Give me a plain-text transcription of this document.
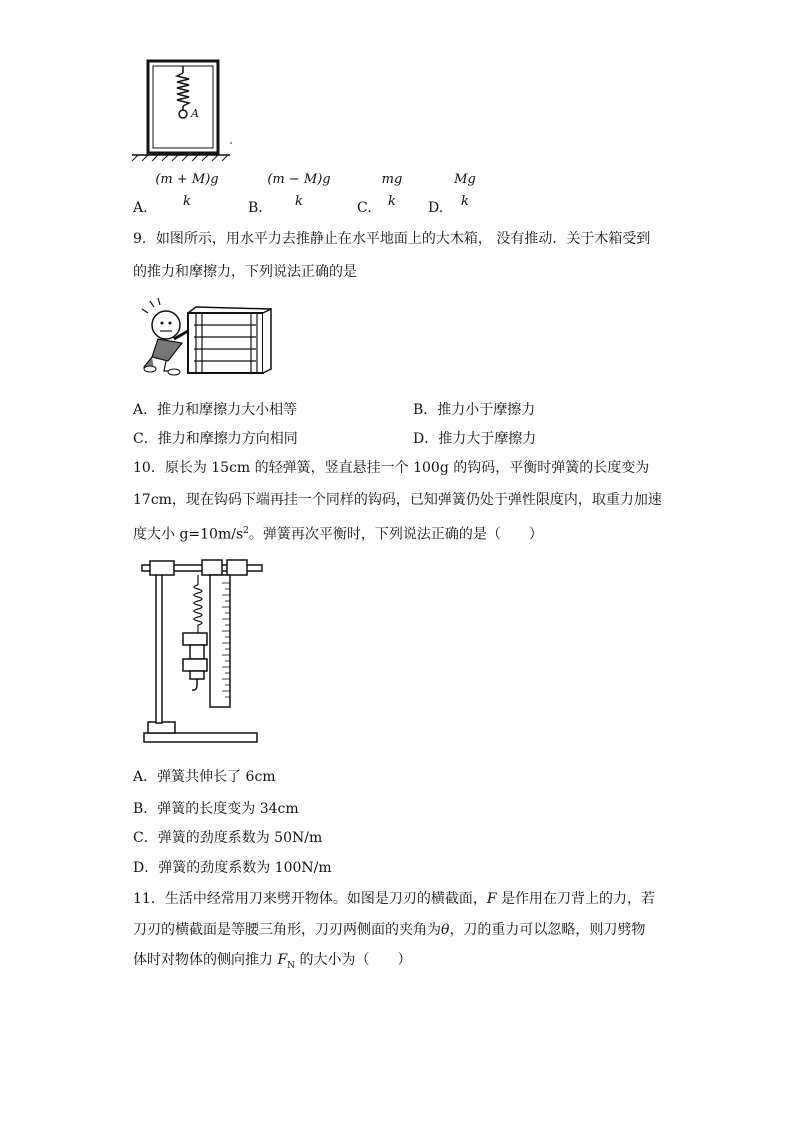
A
A.
(m + M)g
k	B.
(m − M)g
k	C.
mg
k	D.
Mg
k
9．如图所示，用水平力去推静止在水平地面上的大木箱， 没有推动．关于木箱受到
的推力和摩擦力，下列说法正确的是
A．推力和摩擦力大小相等	B．推力小于摩擦力
C．推力和摩擦力方向相同	D．推力大于摩擦力
10．原长为 15cm 的轻弹簧，竖直悬挂一个 100g 的钩码，平衡时弹簧的长度变为
17cm，现在钩码下端再挂一个同样的钩码，已知弹簧仍处于弹性限度内，取重力加速
度大小 $g=10m/s^2$。弹簧再次平衡时，下列说法正确的是（　　）
A．弹簧共伸长了 6cm
B．弹簧的长度变为 34cm
C．弹簧的劲度系数为 50N/m
D．弹簧的劲度系数为 100N/m
11．生活中经常用刀来劈开物体。如图是刀刃的横截面，F 是作用在刀背上的力，若
刀刃的横截面是等腰三角形，刀刃两侧面的夹角为θ，刀的重力可以忽略，则刀劈物
体时对物体的侧向推力 $F_N$ 的大小为（　　）
